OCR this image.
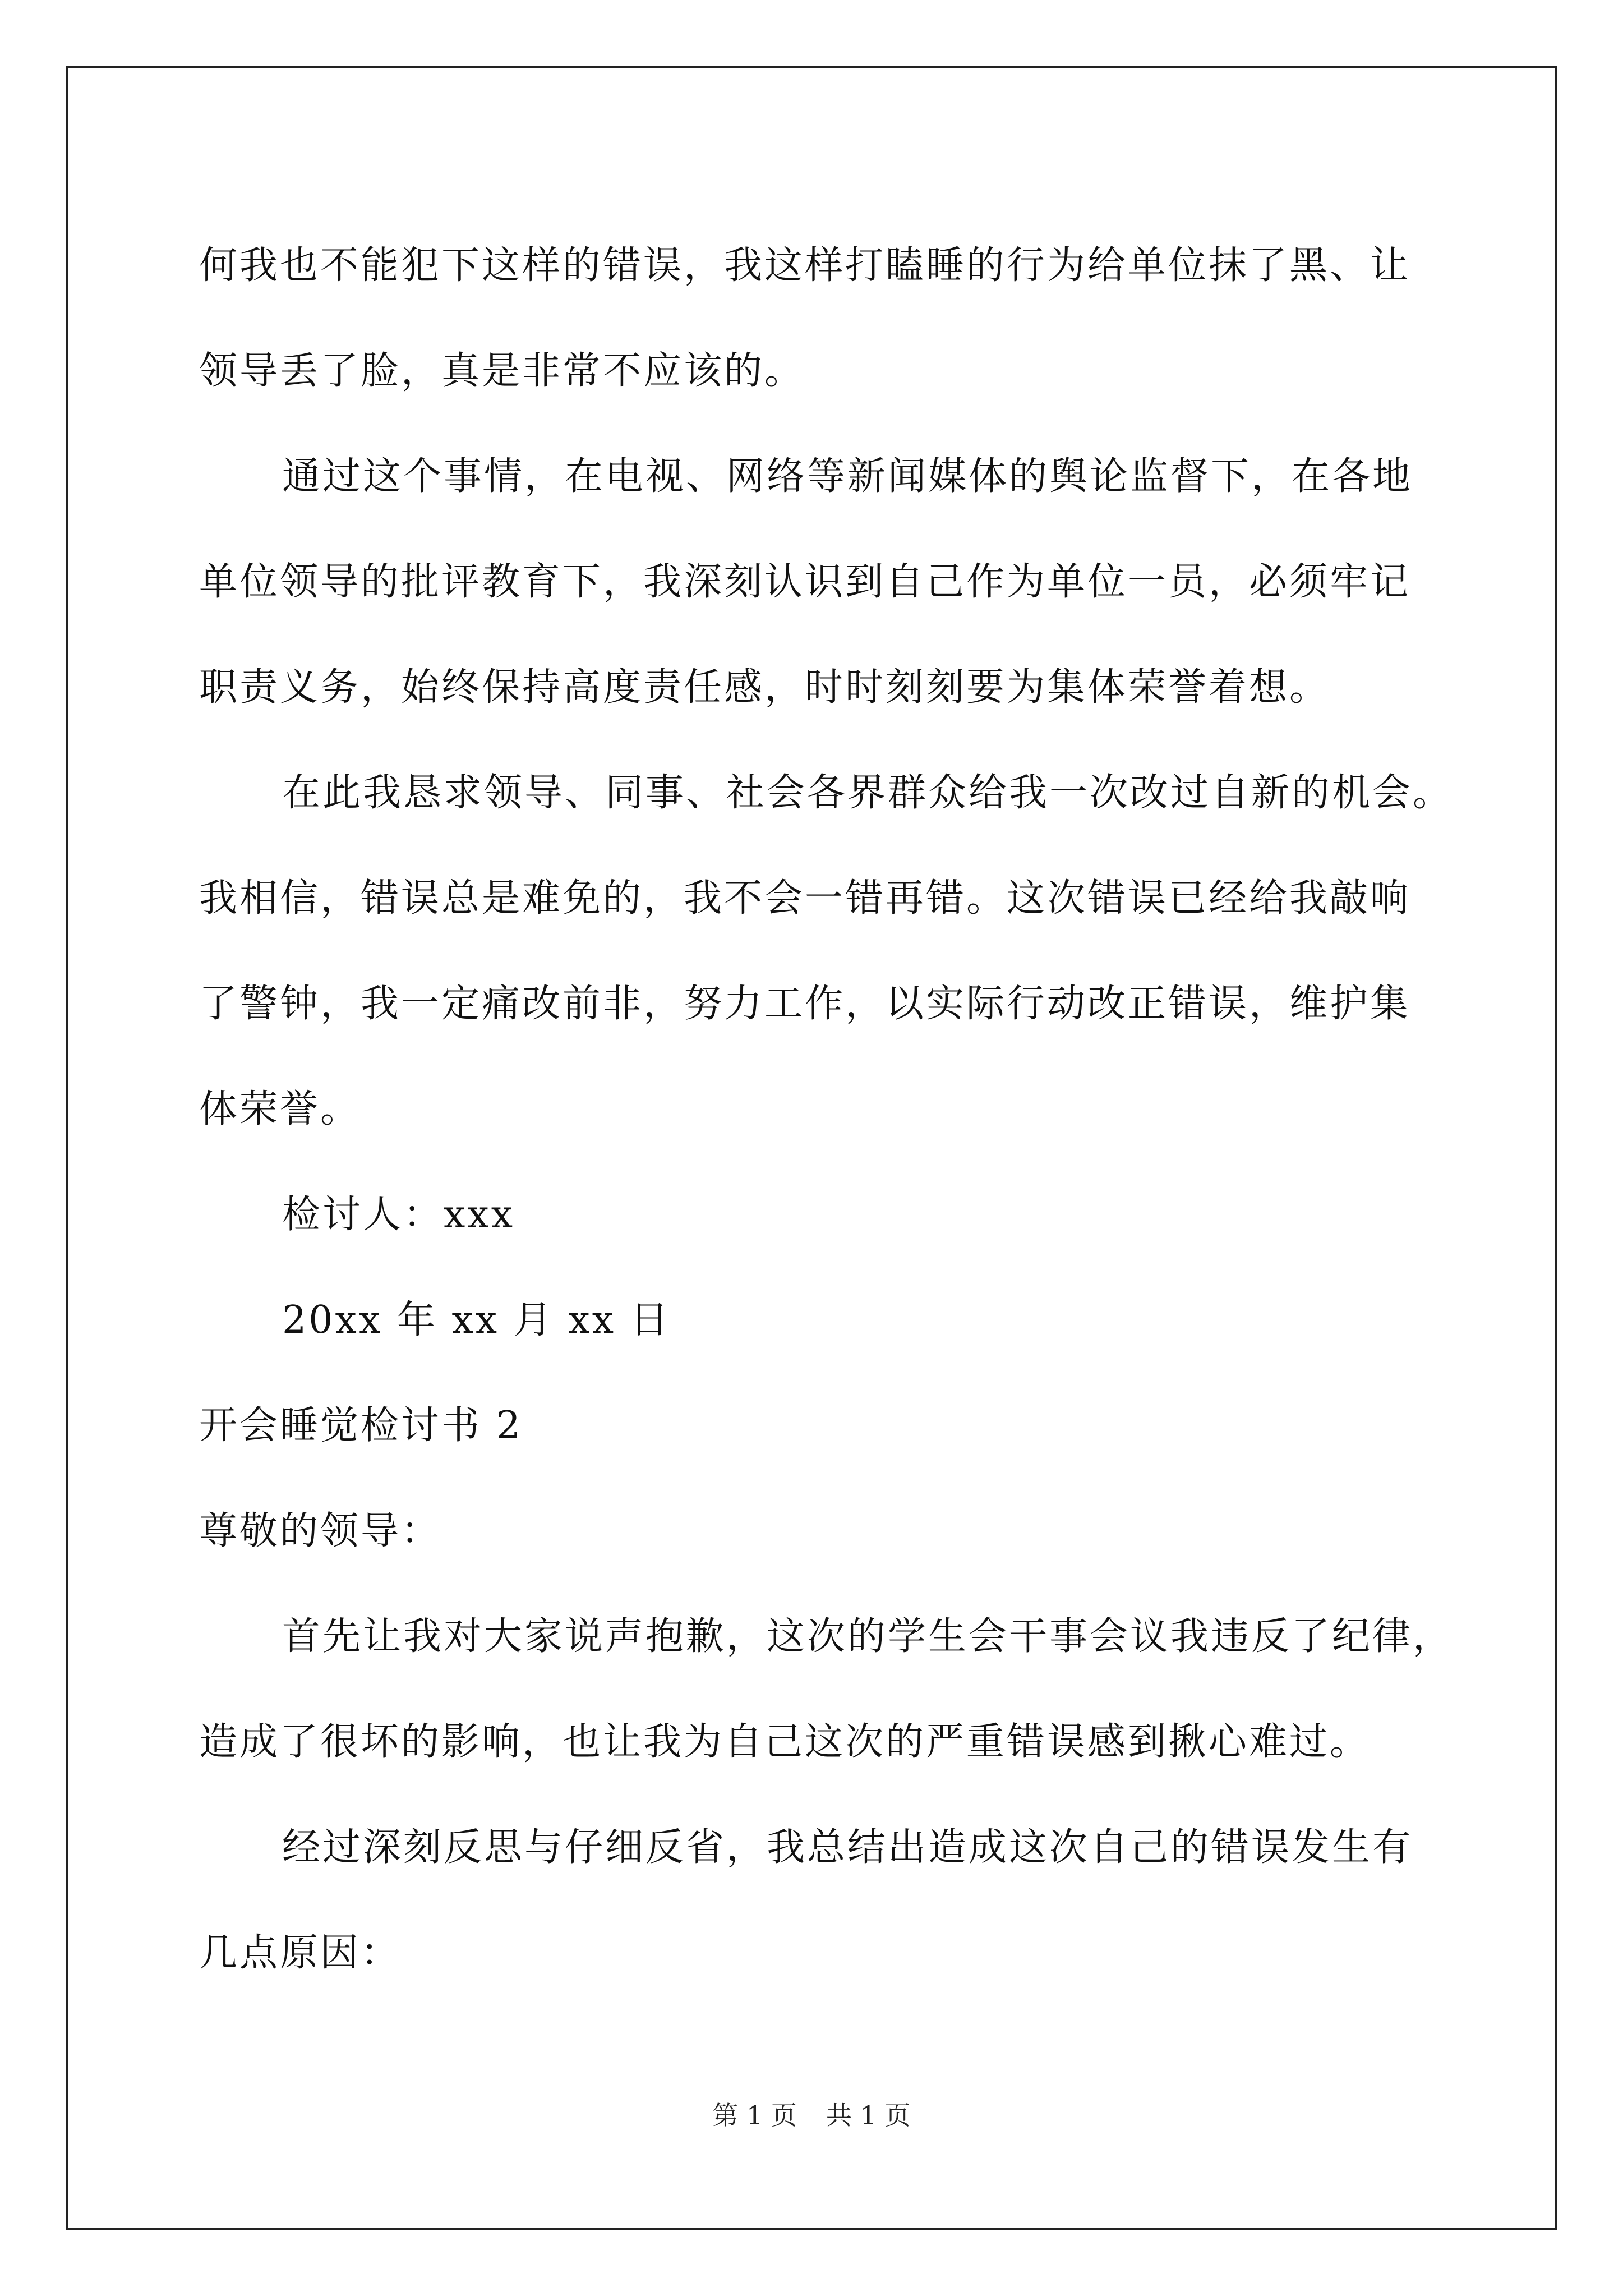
何我也不能犯下这样的错误，我这样打瞌睡的行为给单位抹了黑、让
领导丢了脸，真是非常不应该的。
通过这个事情，在电视、网络等新闻媒体的舆论监督下，在各地
单位领导的批评教育下，我深刻认识到自己作为单位一员，必须牢记
职责义务，始终保持高度责任感，时时刻刻要为集体荣誉着想。
在此我恳求领导、同事、社会各界群众给我一次改过自新的机会。
我相信，错误总是难免的，我不会一错再错。这次错误已经给我敲响
了警钟，我一定痛改前非，努力工作，以实际行动改正错误，维护集
体荣誉。
检讨人：xxx
20xx 年 xx 月 xx 日
开会睡觉检讨书 2
尊敬的领导：
首先让我对大家说声抱歉，这次的学生会干事会议我违反了纪律，
造成了很坏的影响，也让我为自己这次的严重错误感到揪心难过。
经过深刻反思与仔细反省，我总结出造成这次自己的错误发生有
几点原因：
第 1 页 共 1 页
